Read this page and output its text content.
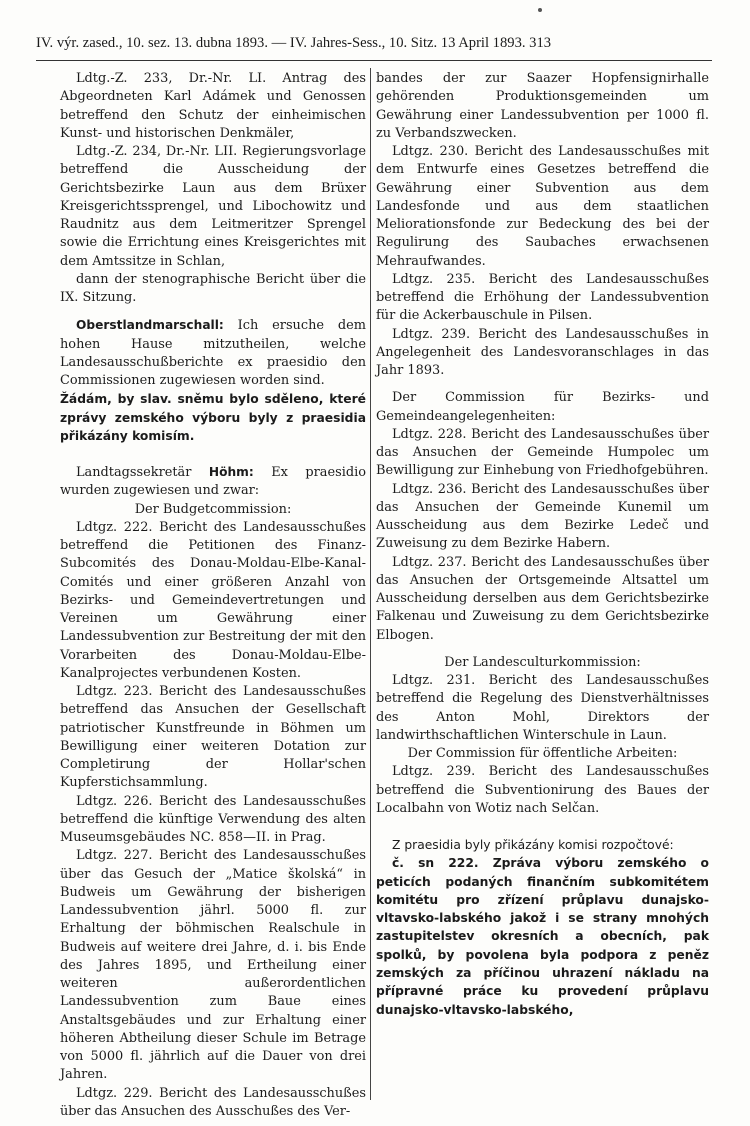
IV. výr. zased., 10. sez. 13. dubna 1893. — IV. Jahres-Sess., 10. Sitz. 13 April 1893. 313

Ldtg.-Z. 233, Dr.-Nr. LI. Antrag des Abgeordneten Karl Adámek und Genossen betreffend den Schutz der einheimischen Kunst- und historischen Denkmäler,

Ldtg.-Z. 234, Dr.-Nr. LII. Regierungsvorlage betreffend die Ausscheidung der Gerichtsbezirke Laun aus dem Brüxer Kreisgerichtssprengel, und Libochowitz und Raudnitz aus dem Leitmeritzer Sprengel sowie die Errichtung eines Kreisgerichtes mit dem Amtssitze in Schlan,

dann der stenographische Bericht über die IX. Sitzung.

Oberstlandmarschall: Ich ersuche dem hohen Hause mitzutheilen, welche Landesausschußberichte ex praesidio den Commissionen zugewiesen worden sind.

Žádám, by slav. sněmu bylo sděleno, které zprávy zemského výboru byly z praesidia přikázány komisím.

Landtagssekretär Höhm: Ex praesidio wurden zugewiesen und zwar:

Der Budgetcommission:

Ldtgz. 222. Bericht des Landesausschußes betreffend die Petitionen des Finanz-Subcomités des Donau-Moldau-Elbe-Kanal-Comités und einer größeren Anzahl von Bezirks- und Gemeindevertretungen und Vereinen um Gewährung einer Landessubvention zur Bestreitung der mit den Vorarbeiten des Donau-Moldau-Elbe-Kanalprojectes verbundenen Kosten.

Ldtgz. 223. Bericht des Landesausschußes betreffend das Ansuchen der Gesellschaft patriotischer Kunstfreunde in Böhmen um Bewilligung einer weiteren Dotation zur Completirung der Hollar'schen Kupferstichsammlung.

Ldtgz. 226. Bericht des Landesausschußes betreffend die künftige Verwendung des alten Museumsgebäudes NC. 858—II. in Prag.

Ldtgz. 227. Bericht des Landesausschußes über das Gesuch der „Matice školská“ in Budweis um Gewährung der bisherigen Landessubvention jährl. 5000 fl. zur Erhaltung der böhmischen Realschule in Budweis auf weitere drei Jahre, d. i. bis Ende des Jahres 1895, und Ertheilung einer weiteren außerordentlichen Landessubvention zum Baue eines Anstaltsgebäudes und zur Erhaltung einer höheren Abtheilung dieser Schule im Betrage von 5000 fl. jährlich auf die Dauer von drei Jahren.

Ldtgz. 229. Bericht des Landesausschußes über das Ansuchen des Ausschußes des Ver-

bandes der zur Saazer Hopfensignirhalle gehörenden Produktionsgemeinden um Gewährung einer Landessubvention per 1000 fl. zu Verbandszwecken.

Ldtgz. 230. Bericht des Landesausschußes mit dem Entwurfe eines Gesetzes betreffend die Gewährung einer Subvention aus dem Landesfonde und aus dem staatlichen Meliorationsfonde zur Bedeckung des bei der Regulirung des Saubaches erwachsenen Mehraufwandes.

Ldtgz. 235. Bericht des Landesausschußes betreffend die Erhöhung der Landessubvention für die Ackerbauschule in Pilsen.

Ldtgz. 239. Bericht des Landesausschußes in Angelegenheit des Landesvoranschlages in das Jahr 1893.

Der Commission für Bezirks- und Gemeindeangelegenheiten:

Ldtgz. 228. Bericht des Landesausschußes über das Ansuchen der Gemeinde Humpolec um Bewilligung zur Einhebung von Friedhofgebühren.

Ldtgz. 236. Bericht des Landesausschußes über das Ansuchen der Gemeinde Kunemil um Ausscheidung aus dem Bezirke Ledeč und Zuweisung zu dem Bezirke Habern.

Ldtgz. 237. Bericht des Landesausschußes über das Ansuchen der Ortsgemeinde Altsattel um Ausscheidung derselben aus dem Gerichtsbezirke Falkenau und Zuweisung zu dem Gerichtsbezirke Elbogen.

Der Landesculturkommission:

Ldtgz. 231. Bericht des Landesausschußes betreffend die Regelung des Dienstverhältnisses des Anton Mohl, Direktors der landwirthschaftlichen Winterschule in Laun.

Der Commission für öffentliche Arbeiten:

Ldtgz. 239. Bericht des Landesausschußes betreffend die Subventionirung des Baues der Localbahn von Wotiz nach Selčan.

Z praesidia byly přikázány komisi rozpočtové:

č. sn 222. Zpráva výboru zemského o peticích podaných finančním subkomitétem komitétu pro zřízení průplavu dunajsko-vltavsko-labského jakož i se strany mnohých zastupitelstev okresních a obecních, pak spolků, by povolena byla podpora z peněz zemských za příčinou uhrazení nákladu na přípravné práce ku provedení průplavu dunajsko-vltavsko-labského,
